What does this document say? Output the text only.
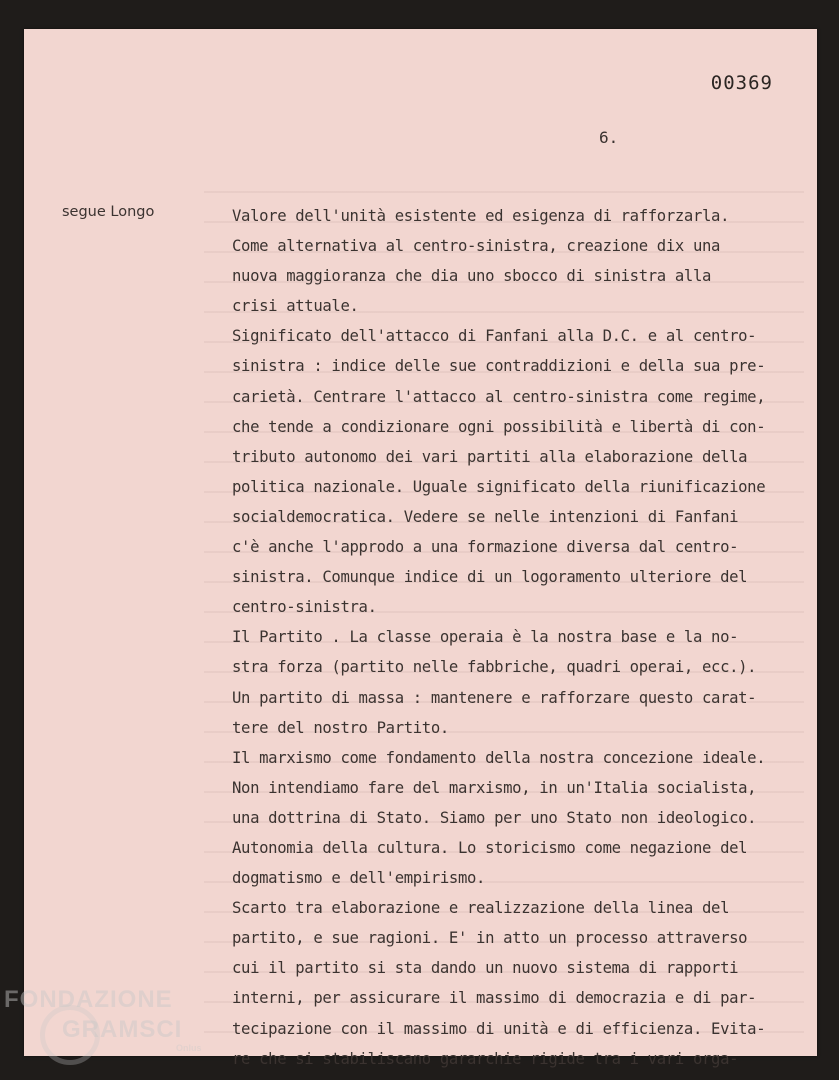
00369
6.
segue Longo	Valore dell'unità esistente ed esigenza di rafforzarla.
Come alternativa al centro-sinistra, creazione dix una
nuova maggioranza che dia uno sbocco di sinistra alla
crisi attuale.
Significato dell'attacco di Fanfani alla D.C. e al centro-
sinistra : indice delle sue contraddizioni e della sua pre-
carietà. Centrare l'attacco al centro-sinistra come regime,
che tende a condizionare ogni possibilità e libertà di con-
tributo autonomo dei vari partiti alla elaborazione della
politica nazionale. Uguale significato della riunificazione
socialdemocratica. Vedere se nelle intenzioni di Fanfani
c'è anche l'approdo a una formazione diversa dal centro-
sinistra. Comunque indice di un logoramento ulteriore del
centro-sinistra.
Il Partito . La classe operaia è la nostra base e la no-
stra forza (partito nelle fabbriche, quadri operai, ecc.).
Un partito di massa : mantenere e rafforzare questo carat-
tere del nostro Partito.
Il marxismo come fondamento della nostra concezione ideale.
Non intendiamo fare del marxismo, in un'Italia socialista,
una dottrina di Stato. Siamo per uno Stato non ideologico.
Autonomia della cultura. Lo storicismo come negazione del
dogmatismo e dell'empirismo.
Scarto tra elaborazione e realizzazione della linea del
partito, e sue ragioni. E' in atto un processo attraverso
cui il partito si sta dando un nuovo sistema di rapporti
interni, per assicurare il massimo di democrazia e di par-
tecipazione con il massimo di unità e di efficienza. Evita-
re che si stabiliscano gararchie rigide tra i vari orga-
FONDAZIONE
GRAMSCI
Onlus
